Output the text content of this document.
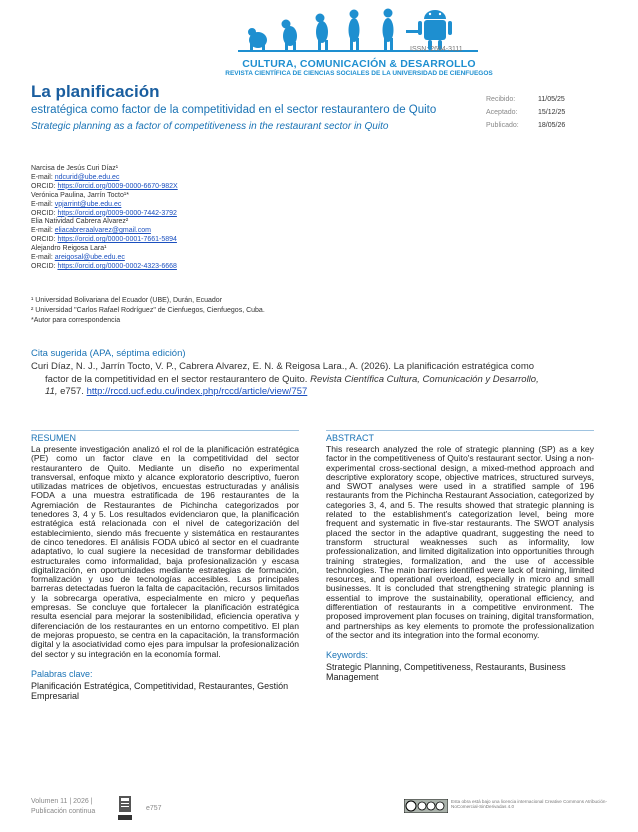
ISSN: 2664-3111
CULTURA, COMUNICACIÓN & DESARROLLO
REVISTA CIENTÍFICA DE CIENCIAS SOCIALES DE LA UNIVERSIDAD DE CIENFUEGOS
La planificación
estratégica como factor de la competitividad en el sector restaurantero de Quito
Strategic planning as a factor of competitiveness in the restaurant sector in Quito
Recibido:	11/05/25
Aceptado:	15/12/25
Publicado:	18/05/26
Narcisa de Jesús Curi Díaz¹
E-mail: ndcurid@ube.edu.ec
ORCID: https://orcid.org/0009-0000-6670-982X
Verónica Paulina, Jarrín Tocto¹*
E-mail: vpjarrint@ube.edu.ec
ORCID: https://orcid.org/0009-0000-7442-3792
Elia Natividad Cabrera Alvarez²
E-mail: eliacabreraalvarez@gmail.com
ORCID: https://orcid.org/0000-0001-7661-5894
Alejandro Reigosa Lara¹
E-mail: areigosal@ube.edu.ec
ORCID: https://orcid.org/0000-0002-4323-6668
¹ Universidad Bolivariana del Ecuador (UBE), Durán, Ecuador
² Universidad "Carlos Rafael Rodríguez" de Cienfuegos, Cienfuegos, Cuba.
*Autor para correspondencia
Cita sugerida (APA, séptima edición)
Curi Díaz, N. J., Jarrín Tocto, V. P., Cabrera Alvarez, E. N. & Reigosa Lara., A. (2026). La planificación estratégica como
factor de la competitividad en el sector restaurantero de Quito. Revista Científica Cultura, Comunicación y Desarrollo,
11, e757. http://rccd.ucf.edu.cu/index.php/rccd/article/view/757
RESUMEN
La presente investigación analizó el rol de la planificación estratégica (PE) como un factor clave en la competitividad del sector restaurantero de Quito. Mediante un diseño no experimental transversal, enfoque mixto y alcance exploratorio descriptivo, fueron utilizadas matrices de objetivos, encuestas estructuradas y análisis FODA a una muestra estratificada de 196 restaurantes de la Agremiación de Restaurantes de Pichincha categorizados por tenedores 3, 4 y 5. Los resultados evidenciaron que, la planificación estratégica está relacionada con el nivel de categorización del establecimiento, siendo más frecuente y sistemática en restaurantes de cinco tenedores. El análisis FODA ubicó al sector en el cuadrante adaptativo, lo cual sugiere la necesidad de transformar debilidades estructurales como informalidad, baja profesionalización y escasa digitalización, en oportunidades mediante estrategias de formación, formalización y uso de tecnologías accesibles. Las principales barreras detectadas fueron la falta de capacitación, recursos limitados y la sobrecarga operativa, especialmente en micro y pequeñas empresas. Se concluye que fortalecer la planificación estratégica resulta esencial para mejorar la sostenibilidad, eficiencia operativa y diferenciación de los restaurantes en un entorno competitivo. El plan de mejoras propuesto, se centra en la capacitación, la transformación digital y la asociatividad como ejes para impulsar la profesionalización del sector y su integración en la economía formal.
Palabras clave:
Planificación Estratégica, Competitividad, Restaurantes, Gestión Empresarial
ABSTRACT
This research analyzed the role of strategic planning (SP) as a key factor in the competitiveness of Quito's restaurant sector. Using a non-experimental cross-sectional design, a mixed-method approach and descriptive exploratory scope, objective matrices, structured surveys, and SWOT analyses were used in a stratified sample of 196 restaurants from the Pichincha Restaurant Association, categorized by categories 3, 4, and 5. The results showed that strategic planning is related to the establishment's categorization level, being more frequent and systematic in five-star restaurants. The SWOT analysis placed the sector in the adaptive quadrant, suggesting the need to transform structural weaknesses such as informality, low professionalization, and limited digitalization into opportunities through training strategies, formalization, and the use of accessible technologies. The main barriers identified were lack of training, limited resources, and operational overload, especially in micro and small businesses. It is concluded that strengthening strategic planning is essential to improve the sustainability, operational efficiency, and differentiation of restaurants in a competitive environment. The proposed improvement plan focuses on training, digital transformation, and partnerships as key elements to promote the professionalization of the sector and its integration into the formal economy.
Keywords:
Strategic Planning, Competitiveness, Restaurants, Business Management
Volumen 11 | 2026 |
Publicación continua	e757
Esta obra está bajo una licencia internacional Creative Commons Atribución-NoComercial-SinDerivadas 4.0
